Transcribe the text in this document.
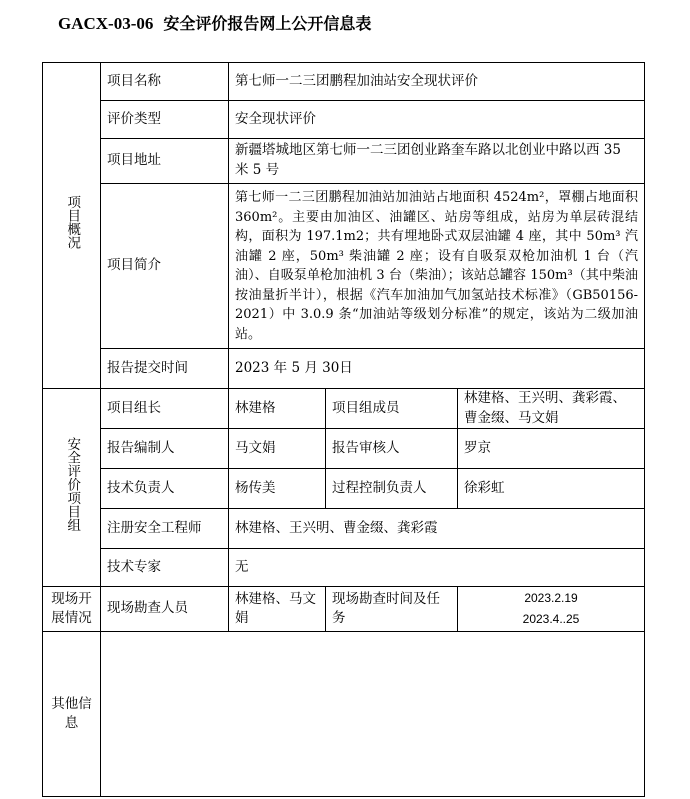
GACX-03-06 安全评价报告网上公开信息表
项目概况	项目名称	第七师一二三团鹏程加油站安全现状评价		
	评价类型	安全现状评价		
	项目地址	新疆塔城地区第七师一二三团创业路奎车路以北创业中路以西 35 米 5 号		
	项目简介	第七师一二三团鹏程加油站加油站占地面积 4524m²，罩棚占地面积 360m²。主要由加油区、油罐区、站房等组成，站房为单层砖混结构，面积为 197.1m2；共有埋地卧式双层油罐 4 座，其中 50m³ 汽油罐 2 座，50m³ 柴油罐 2 座；设有自吸泵双枪加油机 1 台（汽油）、自吸泵单枪加油机 3 台（柴油）；该站总罐容 150m³（其中柴油按油量折半计），根据《汽车加油加气加氢站技术标准》（GB50156-2021）中 3.0.9 条“加油站等级划分标准”的规定，该站为二级加油站。		
	报告提交时间	2023 年 5 月 30日		
安全评价项目组	项目组长	林建格	项目组成员	林建格、王兴明、龚彩霞、曹金缀、马文娟
	报告编制人	马文娟	报告审核人	罗京
	技术负责人	杨传美	过程控制负责人	徐彩虹
	注册安全工程师	林建格、王兴明、曹金缀、龚彩霞		
	技术专家	无		
现场开展情况	现场勘查人员	林建格、马文娟	现场勘查时间及任务	2023.2.19
2023.4..25

其他信息				
